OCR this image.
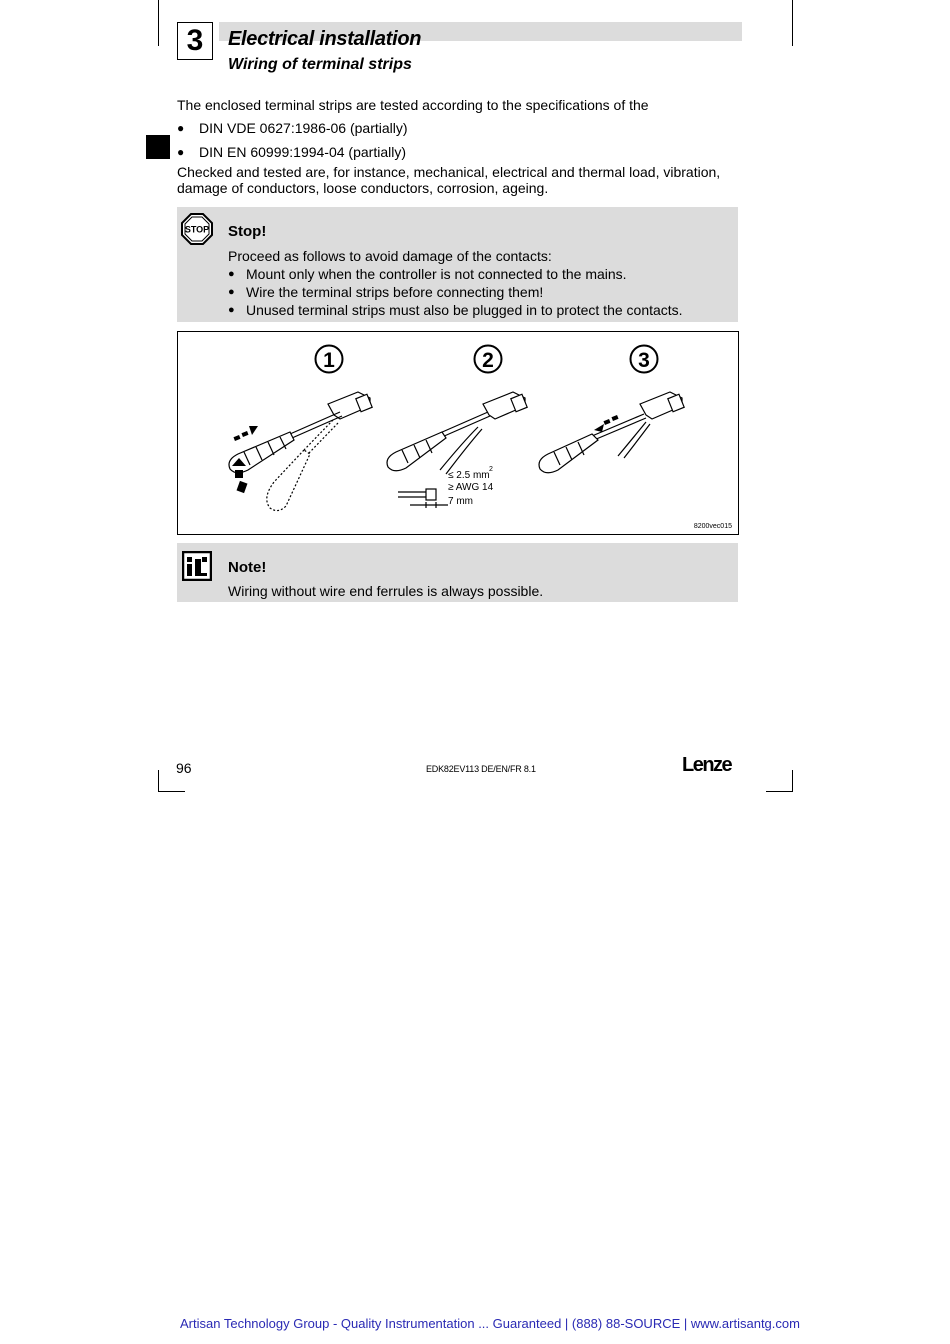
3	Electrical installation
Wiring of terminal strips
The enclosed terminal strips are tested according to the specifications of the
● DIN VDE 0627:1986-06 (partially)
● DIN EN 60999:1994-04 (partially)
Checked and tested are, for instance, mechanical, electrical and thermal load, vibration, damage of conductors, loose conductors, corrosion, ageing.
STOP Stop!
Proceed as follows to avoid damage of the contacts:
● Mount only when the controller is not connected to the mains.
● Wire the terminal strips before connecting them!
● Unused terminal strips must also be plugged in to protect the contacts.
1	2	3
≤ 2.5 mm
2
≥ AWG 14
7 mm
8200vec015
Note!
Wiring without wire end ferrules is always possible.
96	EDK82EV113 DE/EN/FR 8.1	Lenze
Artisan Technology Group - Quality Instrumentation ... Guaranteed | (888) 88-SOURCE | www.artisantg.com
